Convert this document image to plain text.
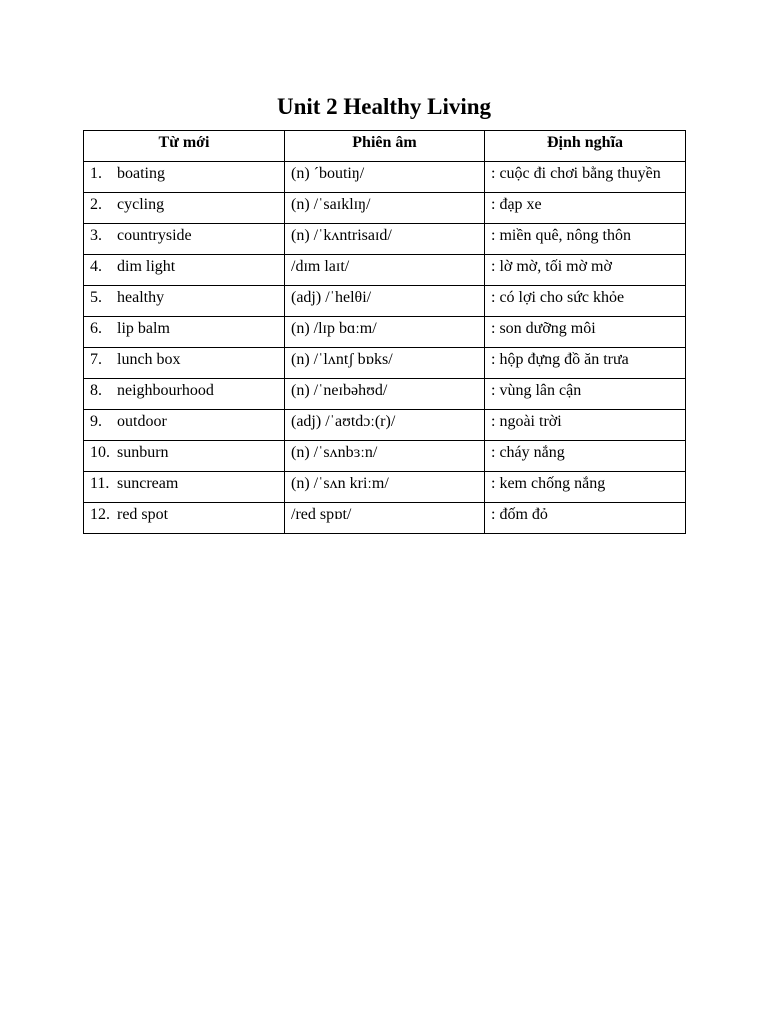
Unit 2 Healthy Living
Từ mới	Phiên âm	Định nghĩa
1. boating	(n) ˊboutiŋ/	: cuộc đi chơi bằng thuyền
2. cycling	(n) /ˈsaɪklɪŋ/	: đạp xe
3. countryside	(n) /ˈkʌntrisaɪd/	: miền quê, nông thôn
4. dim light	/dɪm laɪt/	: lờ mờ, tối mờ mờ
5. healthy	(adj) /ˈhelθi/	: có lợi cho sức khỏe
6. lip balm	(n) /lɪp bɑːm/	: son dưỡng môi
7. lunch box	(n) /ˈlʌntʃ bɒks/	: hộp đựng đồ ăn trưa
8. neighbourhood	(n) /ˈneɪbəhʊd/	: vùng lân cận
9. outdoor	(adj) /ˈaʊtdɔː(r)/	: ngoài trời
10. sunburn	(n) /ˈsʌnbɜːn/	: cháy nắng
11. suncream	(n) /ˈsʌn kriːm/	: kem chống nắng
12. red spot	/red spɒt/	: đốm đỏ
